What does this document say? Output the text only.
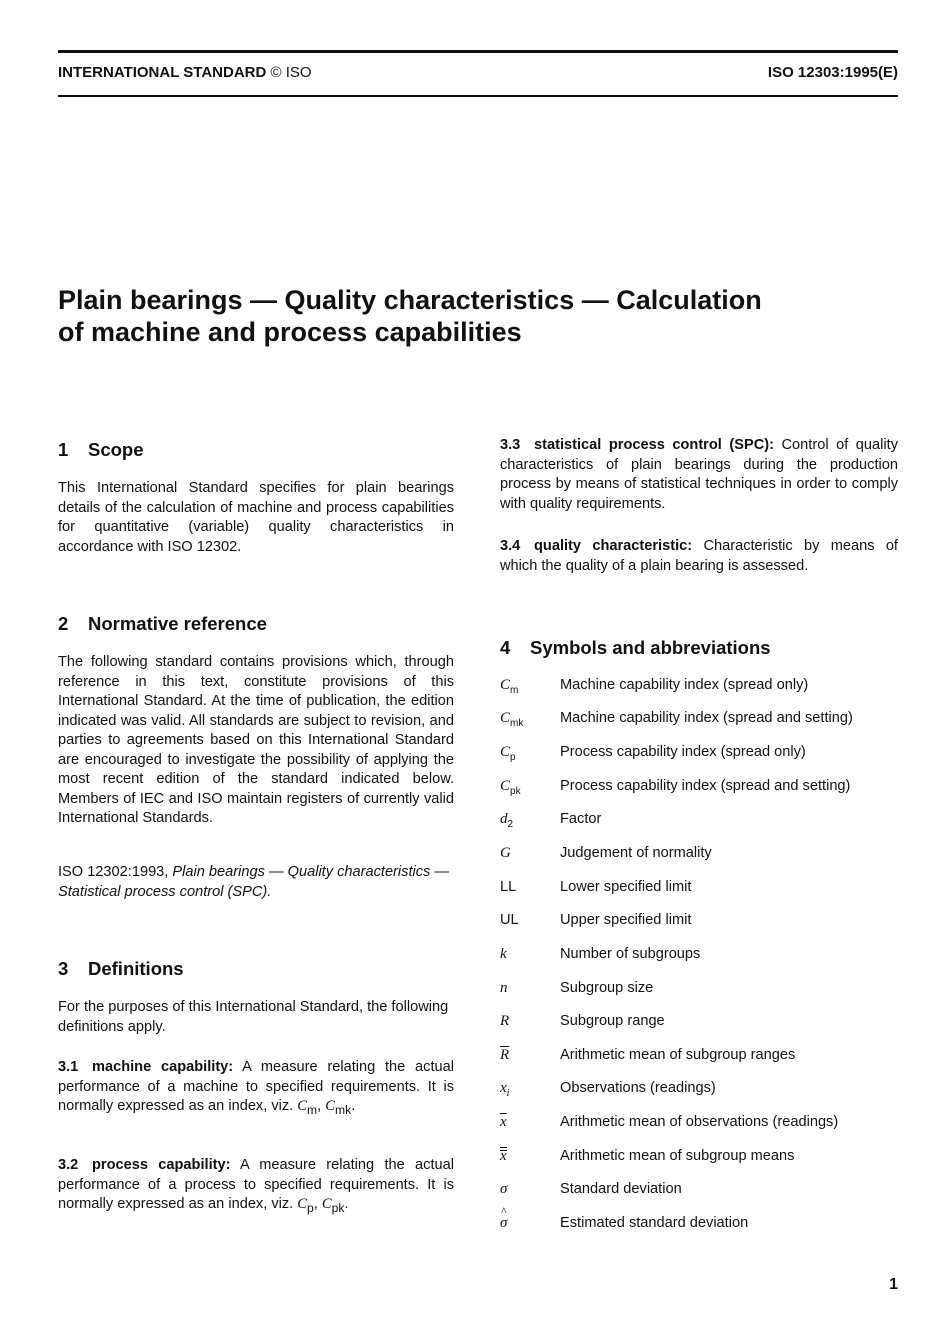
INTERNATIONAL STANDARD © ISO	ISO 12303:1995(E)
Plain bearings — Quality characteristics — Calculation
of machine and process capabilities
1 Scope

This International Standard specifies for plain bearings details of the calculation of machine and process capabilities for quantitative (variable) quality characteristics in accordance with ISO 12302.

2 Normative reference

The following standard contains provisions which, through reference in this text, constitute provisions of this International Standard. At the time of publication, the edition indicated was valid. All standards are subject to revision, and parties to agreements based on this International Standard are encouraged to investigate the possibility of applying the most recent edition of the standard indicated below. Members of IEC and ISO maintain registers of currently valid International Standards.

ISO 12302:1993, Plain bearings — Quality characteristics — Statistical process control (SPC).

3 Definitions

For the purposes of this International Standard, the following definitions apply.

3.1 machine capability: A measure relating the actual performance of a machine to specified requirements. It is normally expressed as an index, viz. $C_m$, $C_{mk}$.

3.2 process capability: A measure relating the actual performance of a process to specified requirements. It is normally expressed as an index, viz. $C_p$, $C_{pk}$.

3.3 statistical process control (SPC): Control of quality characteristics of plain bearings during the production process by means of statistical techniques in order to comply with quality requirements.

3.4 quality characteristic: Characteristic by means of which the quality of a plain bearing is assessed.

4 Symbols and abbreviations
$C_m$	Machine capability index (spread only)
$C_{mk}$	Machine capability index (spread and setting)
$C_p$	Process capability index (spread only)
$C_{pk}$	Process capability index (spread and setting)
$d_2$	Factor
G	Judgement of normality
LL	Lower specified limit
UL	Upper specified limit
k	Number of subgroups
n	Subgroup size
R	Subgroup range
$\overline{R}$	Arithmetic mean of subgroup ranges
$x_i$	Observations (readings)
$\overline{x}$	Arithmetic mean of observations (readings)
x	Arithmetic mean of subgroup means
σ	Standard deviation
^ σ	Estimated standard deviation
1
